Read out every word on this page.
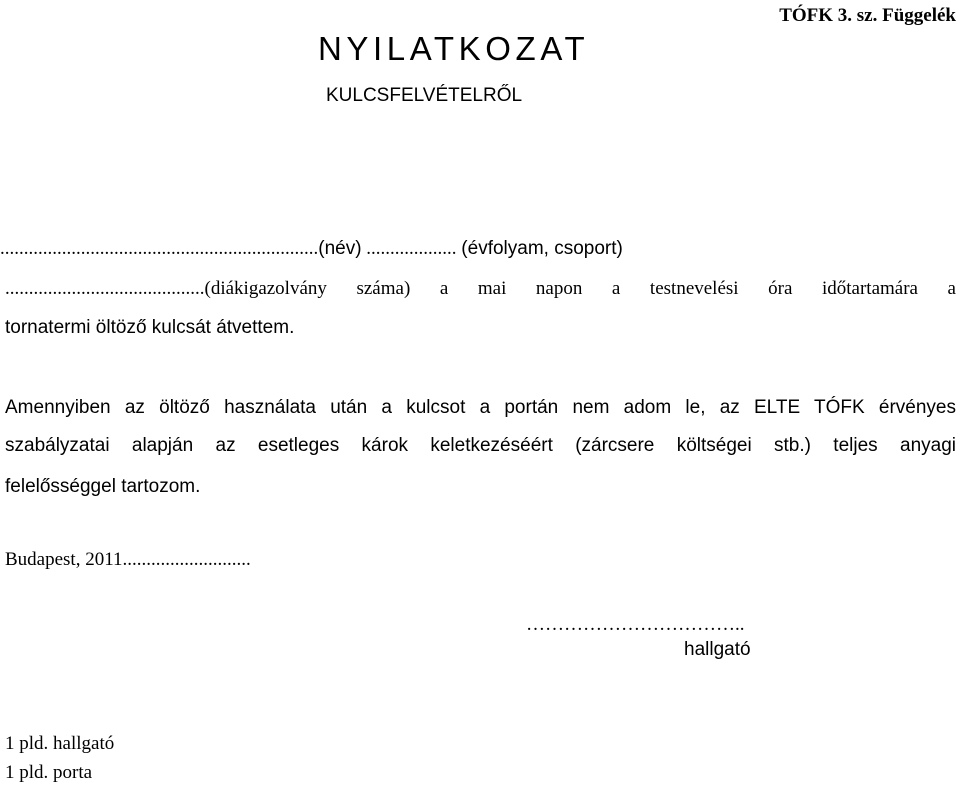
TÓFK 3. sz. Függelék
NYILATKOZAT
KULCSFELVÉTELRŐL
...................................................................(név) ................... (évfolyam, csoport)
..........................................(diákigazolvány száma) a mai napon a testnevelési óra időtartamára a
tornatermi öltöző kulcsát átvettem.
Amennyiben az öltöző használata után a kulcsot a portán nem adom le, az ELTE TÓFK érvényes
szabályzatai alapján az esetleges károk keletkezéséért (zárcsere költségei stb.) teljes anyagi
felelősséggel tartozom.
Budapest, 2011...........................
……………………………..
hallgató
1 pld. hallgató
1 pld. porta
